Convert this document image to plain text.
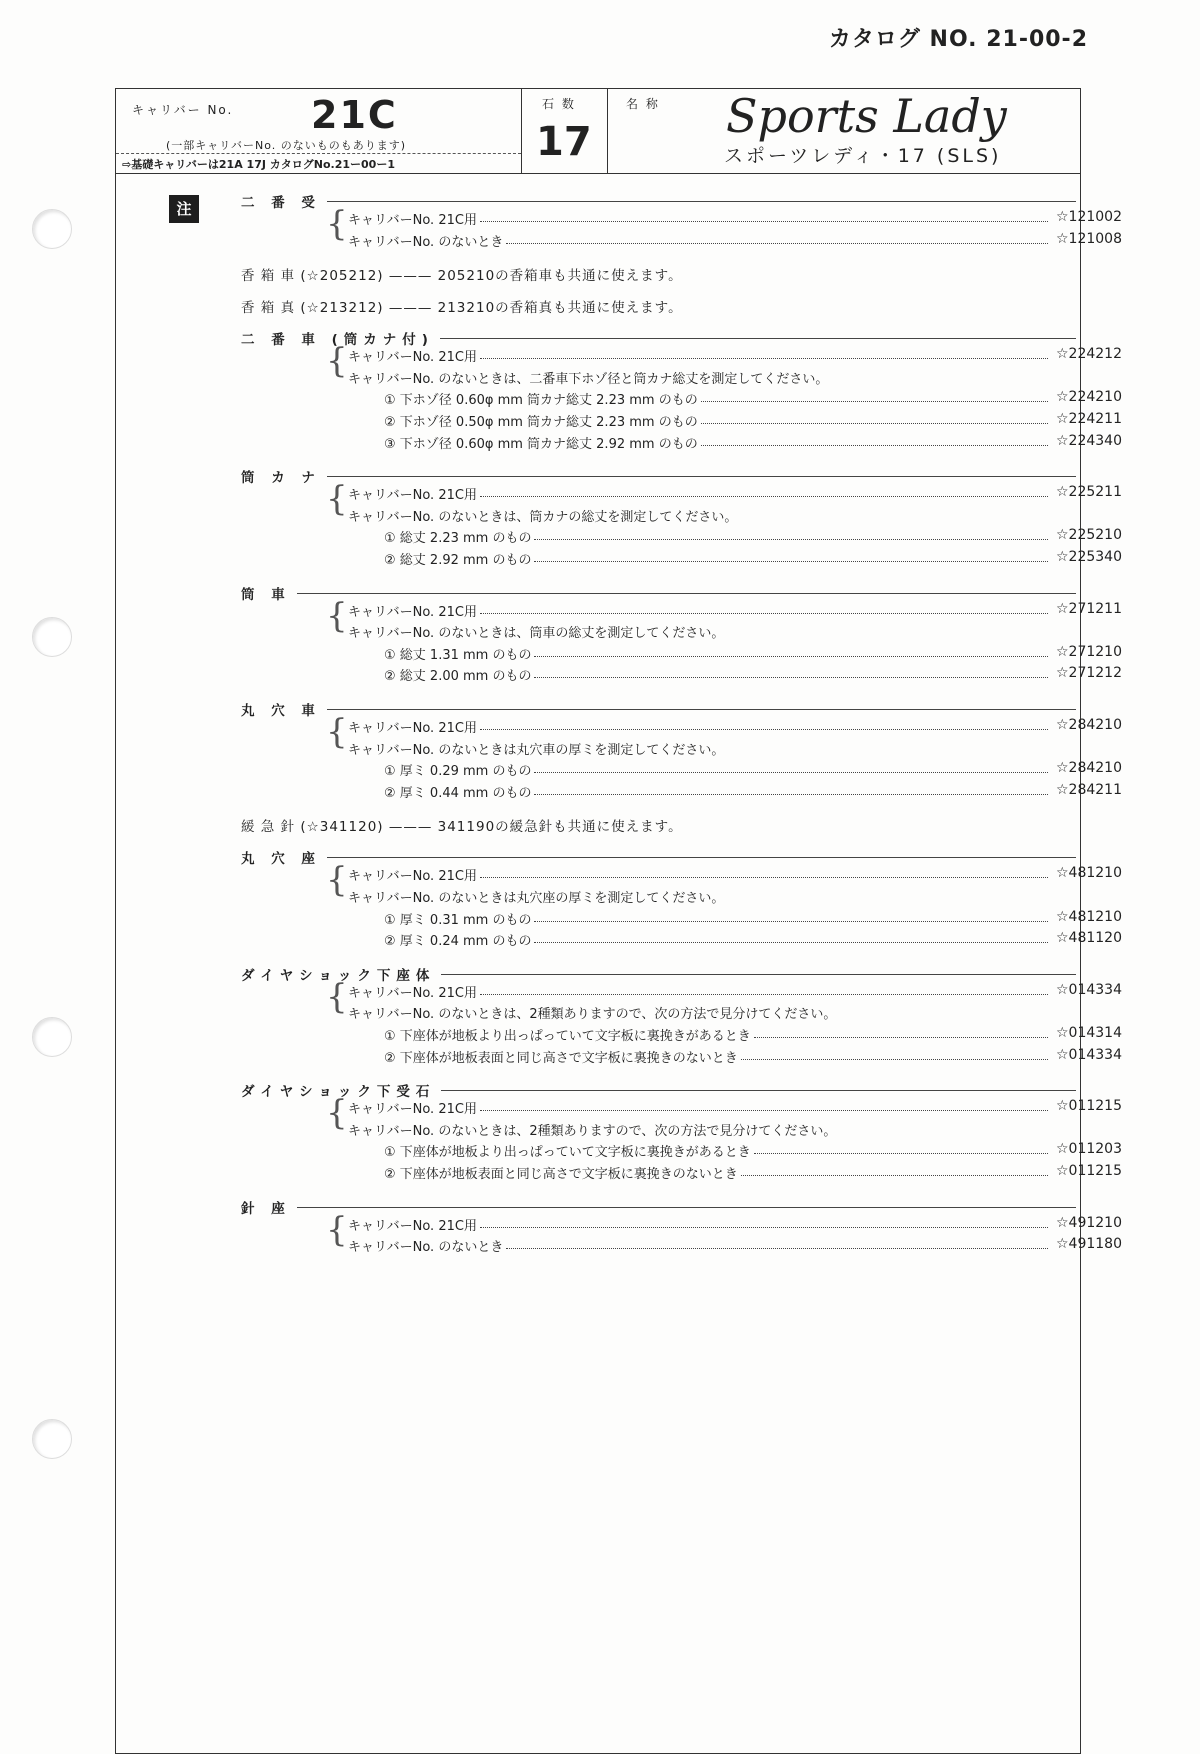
カタログ NO. 21-00-2
キャリバー No. 21C
(一部キャリバーNo. のないものもあります)
⇨基礎キャリバーは21A 17J カタログNo.21ー00ー1
石 数
17
名 称 Sports Lady
スポーツレディ・17 (SLS)
注	二 番 受
{ キャリバーNo. 21C用	☆121002
キャリバーNo. のないとき	☆121008
香 箱 車 (☆205212) ——— 205210の香箱車も共通に使えます。
香 箱 真 (☆213212) ——— 213210の香箱真も共通に使えます。
二 番 車 (筒カナ付)
{ キャリバーNo. 21C用	☆224212
キャリバーNo. のないときは、二番車下ホゾ径と筒カナ総丈を測定してください。
① 下ホゾ径 0.60φ mm 筒カナ総丈 2.23 mm のもの	☆224210
② 下ホゾ径 0.50φ mm 筒カナ総丈 2.23 mm のもの	☆224211
③ 下ホゾ径 0.60φ mm 筒カナ総丈 2.92 mm のもの	☆224340
筒 カ ナ
{ キャリバーNo. 21C用	☆225211
キャリバーNo. のないときは、筒カナの総丈を測定してください。
① 総丈 2.23 mm のもの	☆225210
② 総丈 2.92 mm のもの	☆225340
筒 車
{ キャリバーNo. 21C用	☆271211
キャリバーNo. のないときは、筒車の総丈を測定してください。
① 総丈 1.31 mm のもの	☆271210
② 総丈 2.00 mm のもの	☆271212
丸 穴 車
{ キャリバーNo. 21C用	☆284210
キャリバーNo. のないときは丸穴車の厚ミを測定してください。
① 厚ミ 0.29 mm のもの	☆284210
② 厚ミ 0.44 mm のもの	☆284211
緩 急 針 (☆341120) ——— 341190の緩急針も共通に使えます。
丸 穴 座
{ キャリバーNo. 21C用	☆481210
キャリバーNo. のないときは丸穴座の厚ミを測定してください。
① 厚ミ 0.31 mm のもの	☆481210
② 厚ミ 0.24 mm のもの	☆481120
ダイヤショック下座体
{ キャリバーNo. 21C用	☆014334
キャリバーNo. のないときは、2種類ありますので、次の方法で見分けてください。
① 下座体が地板より出っぱっていて文字板に裏挽きがあるとき	☆014314
② 下座体が地板表面と同じ高さで文字板に裏挽きのないとき	☆014334
ダイヤショック下受石
{ キャリバーNo. 21C用	☆011215
キャリバーNo. のないときは、2種類ありますので、次の方法で見分けてください。
① 下座体が地板より出っぱっていて文字板に裏挽きがあるとき	☆011203
② 下座体が地板表面と同じ高さで文字板に裏挽きのないとき	☆011215
針 座
{ キャリバーNo. 21C用	☆491210
キャリバーNo. のないとき	☆491180
